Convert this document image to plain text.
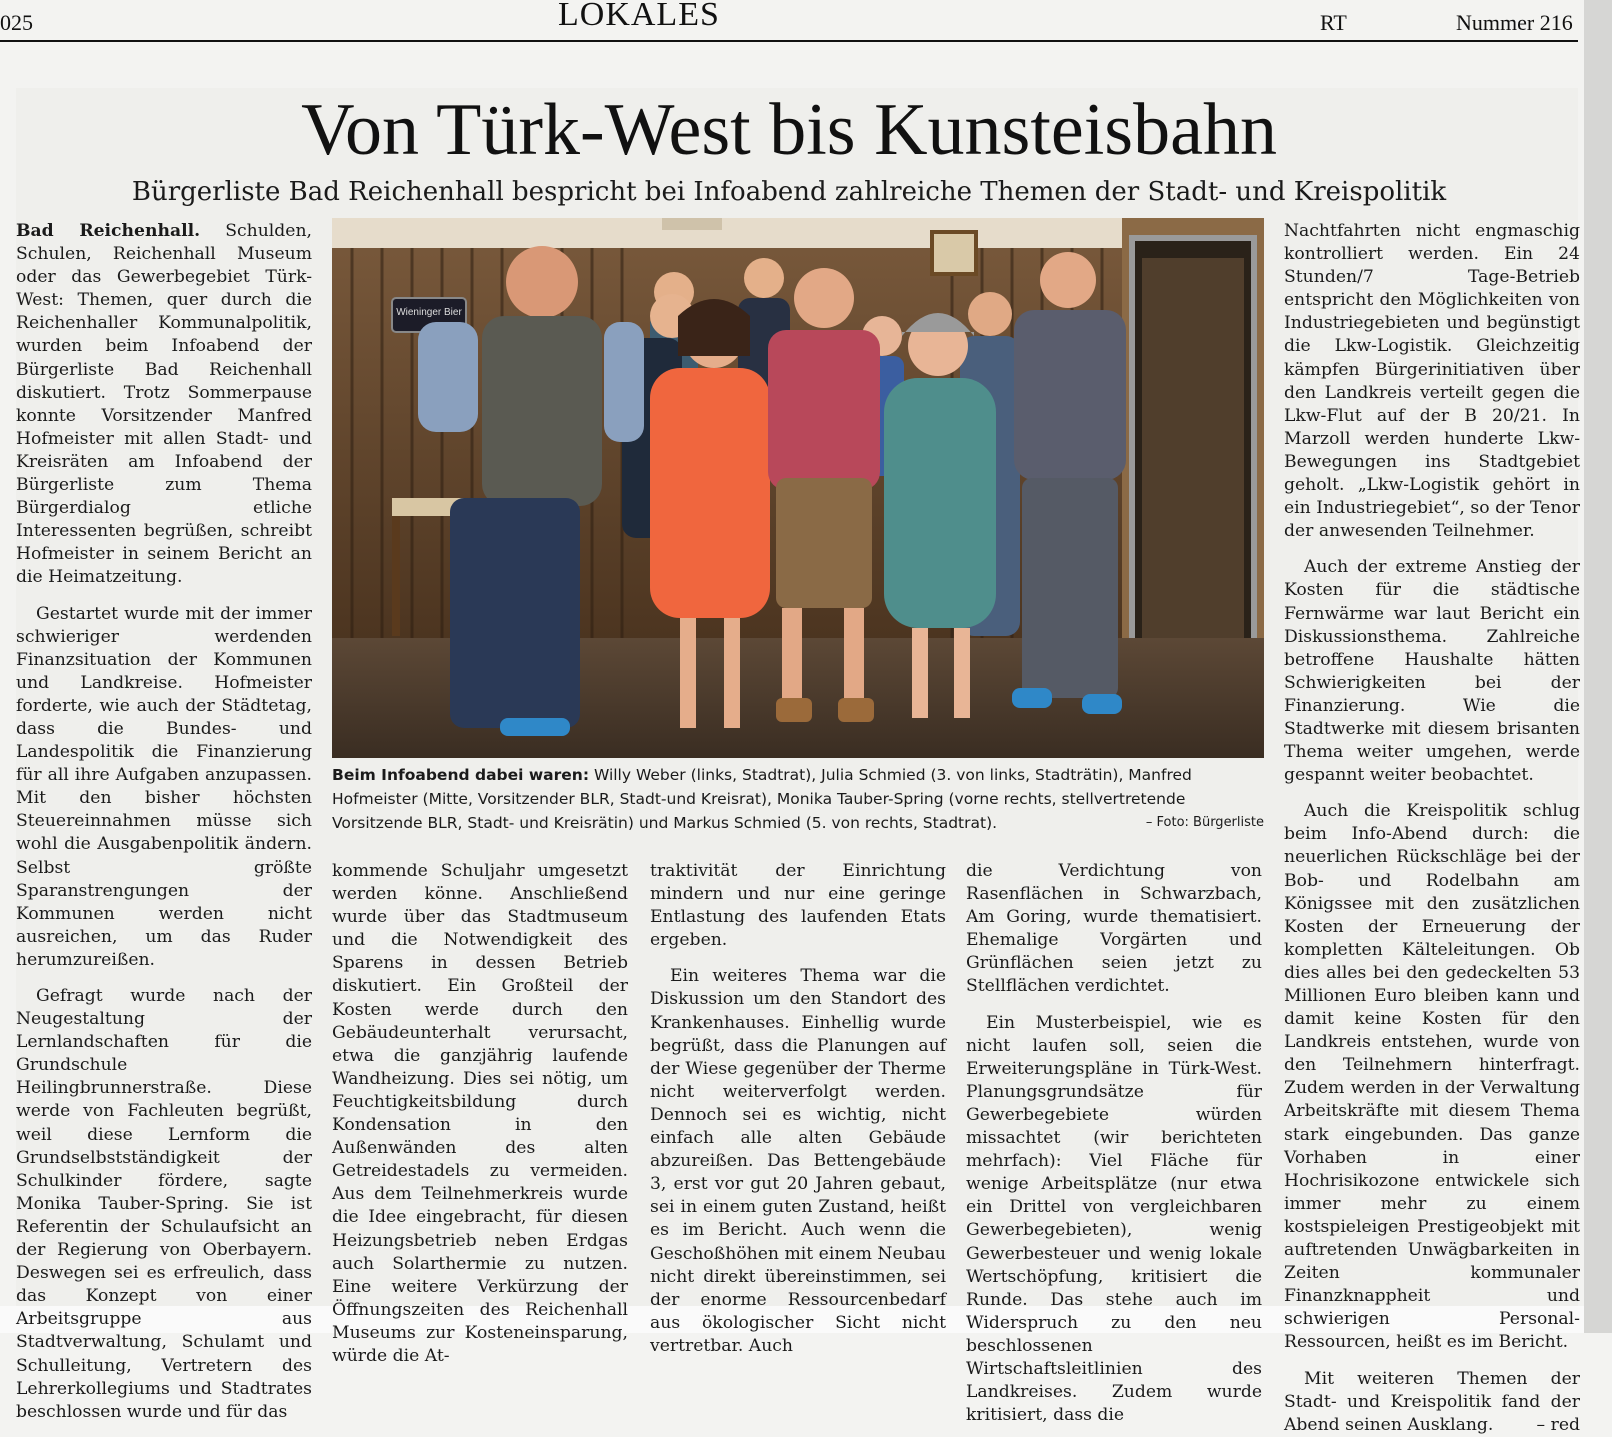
025	LOKALES	RT	Nummer 216
Von Türk-West bis Kunsteisbahn
Bürgerliste Bad Reichenhall bespricht bei Infoabend zahlreiche Themen der Stadt- und Kreispolitik

Bad Reichenhall. Schulden, Schulen, Reichenhall Museum oder das Gewerbegebiet Türk-West: Themen, quer durch die Reichenhaller Kommunalpolitik, wurden beim Infoabend der Bürgerliste Bad Reichenhall diskutiert. Trotz Sommerpause konnte Vorsitzender Manfred Hofmeister mit allen Stadt- und Kreisräten am Infoabend der Bürgerliste zum Thema Bürgerdialog etliche Interessenten begrüßen, schreibt Hofmeister in seinem Bericht an die Heimatzeitung.

Gestartet wurde mit der immer schwieriger werdenden Finanzsituation der Kommunen und Landkreise. Hofmeister forderte, wie auch der Städtetag, dass die Bundes- und Landespolitik die Finanzierung für all ihre Aufgaben anzupassen. Mit den bisher höchsten Steuereinnahmen müsse sich wohl die Ausgabenpolitik ändern. Selbst größte Sparanstrengungen der Kommunen werden nicht ausreichen, um das Ruder herumzureißen.

Gefragt wurde nach der Neugestaltung der Lernlandschaften für die Grundschule Heilingbrunnerstraße. Diese werde von Fachleuten begrüßt, weil diese Lernform die Grundselbstständigkeit der Schulkinder fördere, sagte Monika Tauber-Spring. Sie ist Referentin der Schulaufsicht an der Regierung von Oberbayern. Deswegen sei es erfreulich, dass das Konzept von einer Arbeitsgruppe aus Stadtverwaltung, Schulamt und Schulleitung, Vertretern des Lehrerkollegiums und Stadtrates beschlossen wurde und für das

Wieninger Bier
Beim Infoabend dabei waren: Willy Weber (links, Stadtrat), Julia Schmied (3. von links, Stadträtin), Manfred Hofmeister (Mitte, Vorsitzender BLR, Stadt-und Kreisrat), Monika Tauber-Spring (vorne rechts, stellvertretende Vorsitzende BLR, Stadt- und Kreisrätin) und Markus Schmied (5. von rechts, Stadtrat).	– Foto: Bürgerliste

kommende Schuljahr umgesetzt werden könne. Anschließend wurde über das Stadtmuseum und die Notwendigkeit des Sparens in dessen Betrieb diskutiert. Ein Großteil der Kosten werde durch den Gebäudeunterhalt verursacht, etwa die ganzjährig laufende Wandheizung. Dies sei nötig, um Feuchtigkeitsbildung durch Kondensation in den Außenwänden des alten Getreidestadels zu vermeiden. Aus dem Teilnehmerkreis wurde die Idee eingebracht, für diesen Heizungsbetrieb neben Erdgas auch Solarthermie zu nutzen. Eine weitere Verkürzung der Öffnungszeiten des Reichenhall Museums zur Kosteneinsparung, würde die At-

traktivität der Einrichtung mindern und nur eine geringe Entlastung des laufenden Etats ergeben.

Ein weiteres Thema war die Diskussion um den Standort des Krankenhauses. Einhellig wurde begrüßt, dass die Planungen auf der Wiese gegenüber der Therme nicht weiterverfolgt werden. Dennoch sei es wichtig, nicht einfach alle alten Gebäude abzureißen. Das Bettengebäude 3, erst vor gut 20 Jahren gebaut, sei in einem guten Zustand, heißt es im Bericht. Auch wenn die Geschoßhöhen mit einem Neubau nicht direkt übereinstimmen, sei der enorme Ressourcenbedarf aus ökologischer Sicht nicht vertretbar. Auch

die Verdichtung von Rasenflächen in Schwarzbach, Am Goring, wurde thematisiert. Ehemalige Vorgärten und Grünflächen seien jetzt zu Stellflächen verdichtet.

Ein Musterbeispiel, wie es nicht laufen soll, seien die Erweiterungspläne in Türk-West. Planungsgrundsätze für Gewerbegebiete würden missachtet (wir berichteten mehrfach): Viel Fläche für wenige Arbeitsplätze (nur etwa ein Drittel von vergleichbaren Gewerbegebieten), wenig Gewerbesteuer und wenig lokale Wertschöpfung, kritisiert die Runde. Das stehe auch im Widerspruch zu den neu beschlossenen Wirtschaftsleitlinien des Landkreises. Zudem wurde kritisiert, dass die

Nachtfahrten nicht engmaschig kontrolliert werden. Ein 24 Stunden/7 Tage-Betrieb entspricht den Möglichkeiten von Industriegebieten und begünstigt die Lkw-Logistik. Gleichzeitig kämpfen Bürgerinitiativen über den Landkreis verteilt gegen die Lkw-Flut auf der B 20/21. In Marzoll werden hunderte Lkw-Bewegungen ins Stadtgebiet geholt. „Lkw-Logistik gehört in ein Industriegebiet“, so der Tenor der anwesenden Teilnehmer.

Auch der extreme Anstieg der Kosten für die städtische Fernwärme war laut Bericht ein Diskussionsthema. Zahlreiche betroffene Haushalte hätten Schwierigkeiten bei der Finanzierung. Wie die Stadtwerke mit diesem brisanten Thema weiter umgehen, werde gespannt weiter beobachtet.

Auch die Kreispolitik schlug beim Info-Abend durch: die neuerlichen Rückschläge bei der Bob- und Rodelbahn am Königssee mit den zusätzlichen Kosten der Erneuerung der kompletten Kälteleitungen. Ob dies alles bei den gedeckelten 53 Millionen Euro bleiben kann und damit keine Kosten für den Landkreis entstehen, wurde von den Teilnehmern hinterfragt. Zudem werden in der Verwaltung Arbeitskräfte mit diesem Thema stark eingebunden. Das ganze Vorhaben in einer Hochrisikozone entwickele sich immer mehr zu einem kostspieleigen Prestigeobjekt mit auftretenden Unwägbarkeiten in Zeiten kommunaler Finanzknappheit und schwierigen Personal-Ressourcen, heißt es im Bericht.

Mit weiteren Themen der Stadt- und Kreispolitik fand der Abend seinen Ausklang.	– red
